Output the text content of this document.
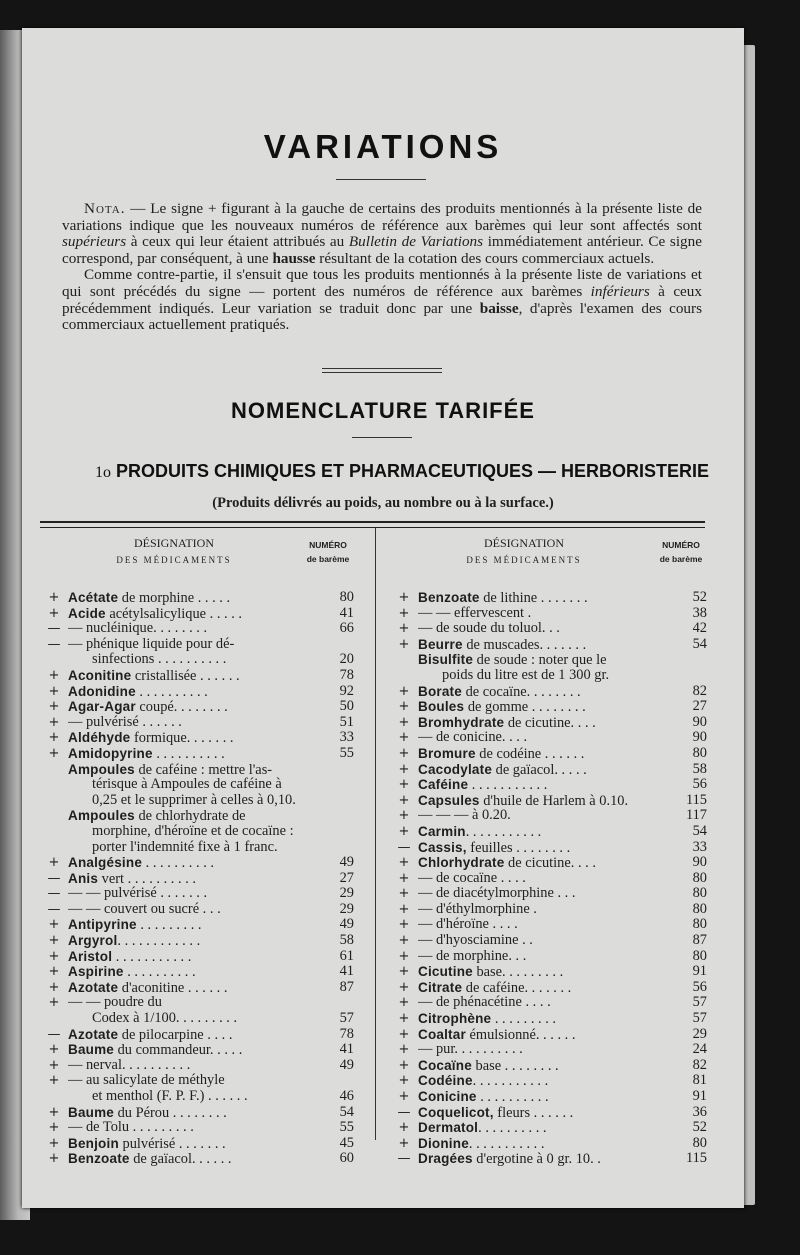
VARIATIONS

Nota. — Le signe + figurant à la gauche de certains des produits mentionnés à la présente liste de variations indique que les nouveaux numéros de référence aux barèmes qui leur sont affectés sont supérieurs à ceux qui leur étaient attribués au Bulletin de Variations immédiatement antérieur. Ce signe correspond, par conséquent, à une hausse résultant de la cotation des cours commerciaux actuels.

Comme contre-partie, il s'ensuit que tous les produits mentionnés à la présente liste de variations et qui sont précédés du signe — portent des numéros de référence aux barèmes inférieurs à ceux précédemment indiqués. Leur variation se traduit donc par une baisse, d'après l'examen des cours commerciaux actuellement pratiqués.

NOMENCLATURE TARIFÉE
1o PRODUITS CHIMIQUES ET PHARMACEUTIQUES — HERBORISTERIE
(Produits délivrés au poids, au nombre ou à la surface.)
DÉSIGNATION
DES MÉDICAMENTS
NUMÉRO
de barème
+ Acétate de morphine . . . . .	80
+ Acide acétylsalicylique . . . . .	41
— — nucléinique. . . . . . . .	66
— — phénique liquide pour dé-
sinfections . . . . . . . . . .	20
+ Aconitine cristallisée . . . . . .	78
+ Adonidine . . . . . . . . . .	92
+ Agar-Agar coupé. . . . . . . .	50
+ — pulvérisé . . . . . .	51
+ Aldéhyde formique. . . . . . .	33
+ Amidopyrine . . . . . . . . . .	55
Ampoules de caféine : mettre l'as-
térisque à Ampoules de caféine à
0,25 et le supprimer à celles à 0,10.
Ampoules de chlorhydrate de
morphine, d'héroïne et de cocaïne :
porter l'indemnité fixe à 1 franc.
+ Analgésine . . . . . . . . . .	49
— Anis vert . . . . . . . . . .	27
— — — pulvérisé . . . . . . .	29
— — — couvert ou sucré . . .	29
+ Antipyrine . . . . . . . . .	49
+ Argyrol. . . . . . . . . . . .	58
+ Aristol . . . . . . . . . . .	61
+ Aspirine . . . . . . . . . .	41
+ Azotate d'aconitine . . . . . .	87
+ — — poudre du
Codex à 1/100. . . . . . . . .	57
— Azotate de pilocarpine . . . .	78
+ Baume du commandeur. . . . .	41
+ — nerval. . . . . . . . . .	49
+ — au salicylate de méthyle
et menthol (F. P. F.) . . . . . .	46
+ Baume du Pérou . . . . . . . .	54
+ — de Tolu . . . . . . . . .	55
+ Benjoin pulvérisé . . . . . . .	45
+ Benzoate de gaïacol. . . . . .	60
DÉSIGNATION
DES MÉDICAMENTS
NUMÉRO
de barème
+ Benzoate de lithine . . . . . . .	52
+ — — effervescent .	38
+ — de soude du toluol. . .	42
+ Beurre de muscades. . . . . . .	54
Bisulfite de soude : noter que le
poids du litre est de 1 300 gr.
+ Borate de cocaïne. . . . . . . .	82
+ Boules de gomme . . . . . . . .	27
+ Bromhydrate de cicutine. . . .	90
+ — de conicine. . . .	90
+ Bromure de codéine . . . . . .	80
+ Cacodylate de gaïacol. . . . .	58
+ Caféine . . . . . . . . . . .	56
+ Capsules d'huile de Harlem à 0.10.	115
+ — — — à 0.20.	117
+ Carmin. . . . . . . . . . .	54
— Cassis, feuilles . . . . . . . .	33
+ Chlorhydrate de cicutine. . . .	90
+ — de cocaïne . . . .	80
+ — de diacétylmorphine . . .	80
+ — d'éthylmorphine .	80
+ — d'héroïne . . . .	80
+ — d'hyosciamine . .	87
+ — de morphine. . .	80
+ Cicutine base. . . . . . . . .	91
+ Citrate de caféine. . . . . . .	56
+ — de phénacétine . . . .	57
+ Citrophène . . . . . . . . .	57
+ Coaltar émulsionné. . . . . .	29
+ — pur. . . . . . . . . .	24
+ Cocaïne base . . . . . . . .	82
+ Codéine. . . . . . . . . . .	81
+ Conicine . . . . . . . . . .	91
— Coquelicot, fleurs . . . . . .	36
+ Dermatol. . . . . . . . . .	52
+ Dionine. . . . . . . . . . .	80
— Dragées d'ergotine à 0 gr. 10. .	115
